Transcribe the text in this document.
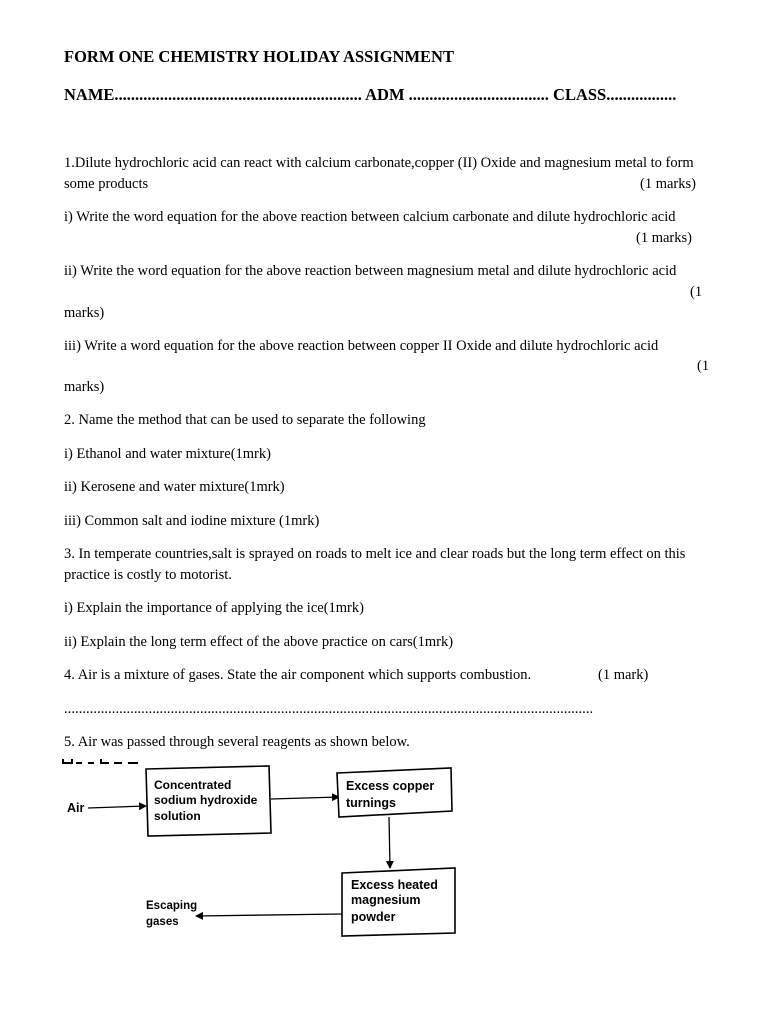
FORM ONE CHEMISTRY HOLIDAY ASSIGNMENT
NAME............................................................ ADM .................................. CLASS.................
1.Dilute hydrochloric acid can react with calcium carbonate,copper (II) Oxide and magnesium metal to form
some products	(1 marks)
i) Write the word equation for the above reaction between calcium carbonate and dilute hydrochloric acid
(1 marks)
ii) Write the word equation for the above reaction between magnesium metal and dilute hydrochloric acid
(1
marks)
iii) Write a word equation for the above reaction between copper II Oxide and dilute hydrochloric acid
(1
marks)
2. Name the method that can be used to separate the following
i) Ethanol and water mixture(1mrk)
ii) Kerosene and water mixture(1mrk)
iii) Common salt and iodine mixture (1mrk)
3. In temperate countries,salt is sprayed on roads to melt ice and clear roads but the long term effect on this
practice is costly to motorist.
i) Explain the importance of applying the ice(1mrk)
ii) Explain the long term effect of the above practice on cars(1mrk)
4. Air is a mixture of gases. State the air component which supports combustion.	(1 mark)
................................................................................................................................................
5. Air was passed through several reagents as shown below.
Air
Concentrated
sodium hydroxide
solution
Excess copper
turnings
Excess heated
magnesium
powder
Escaping
gases
